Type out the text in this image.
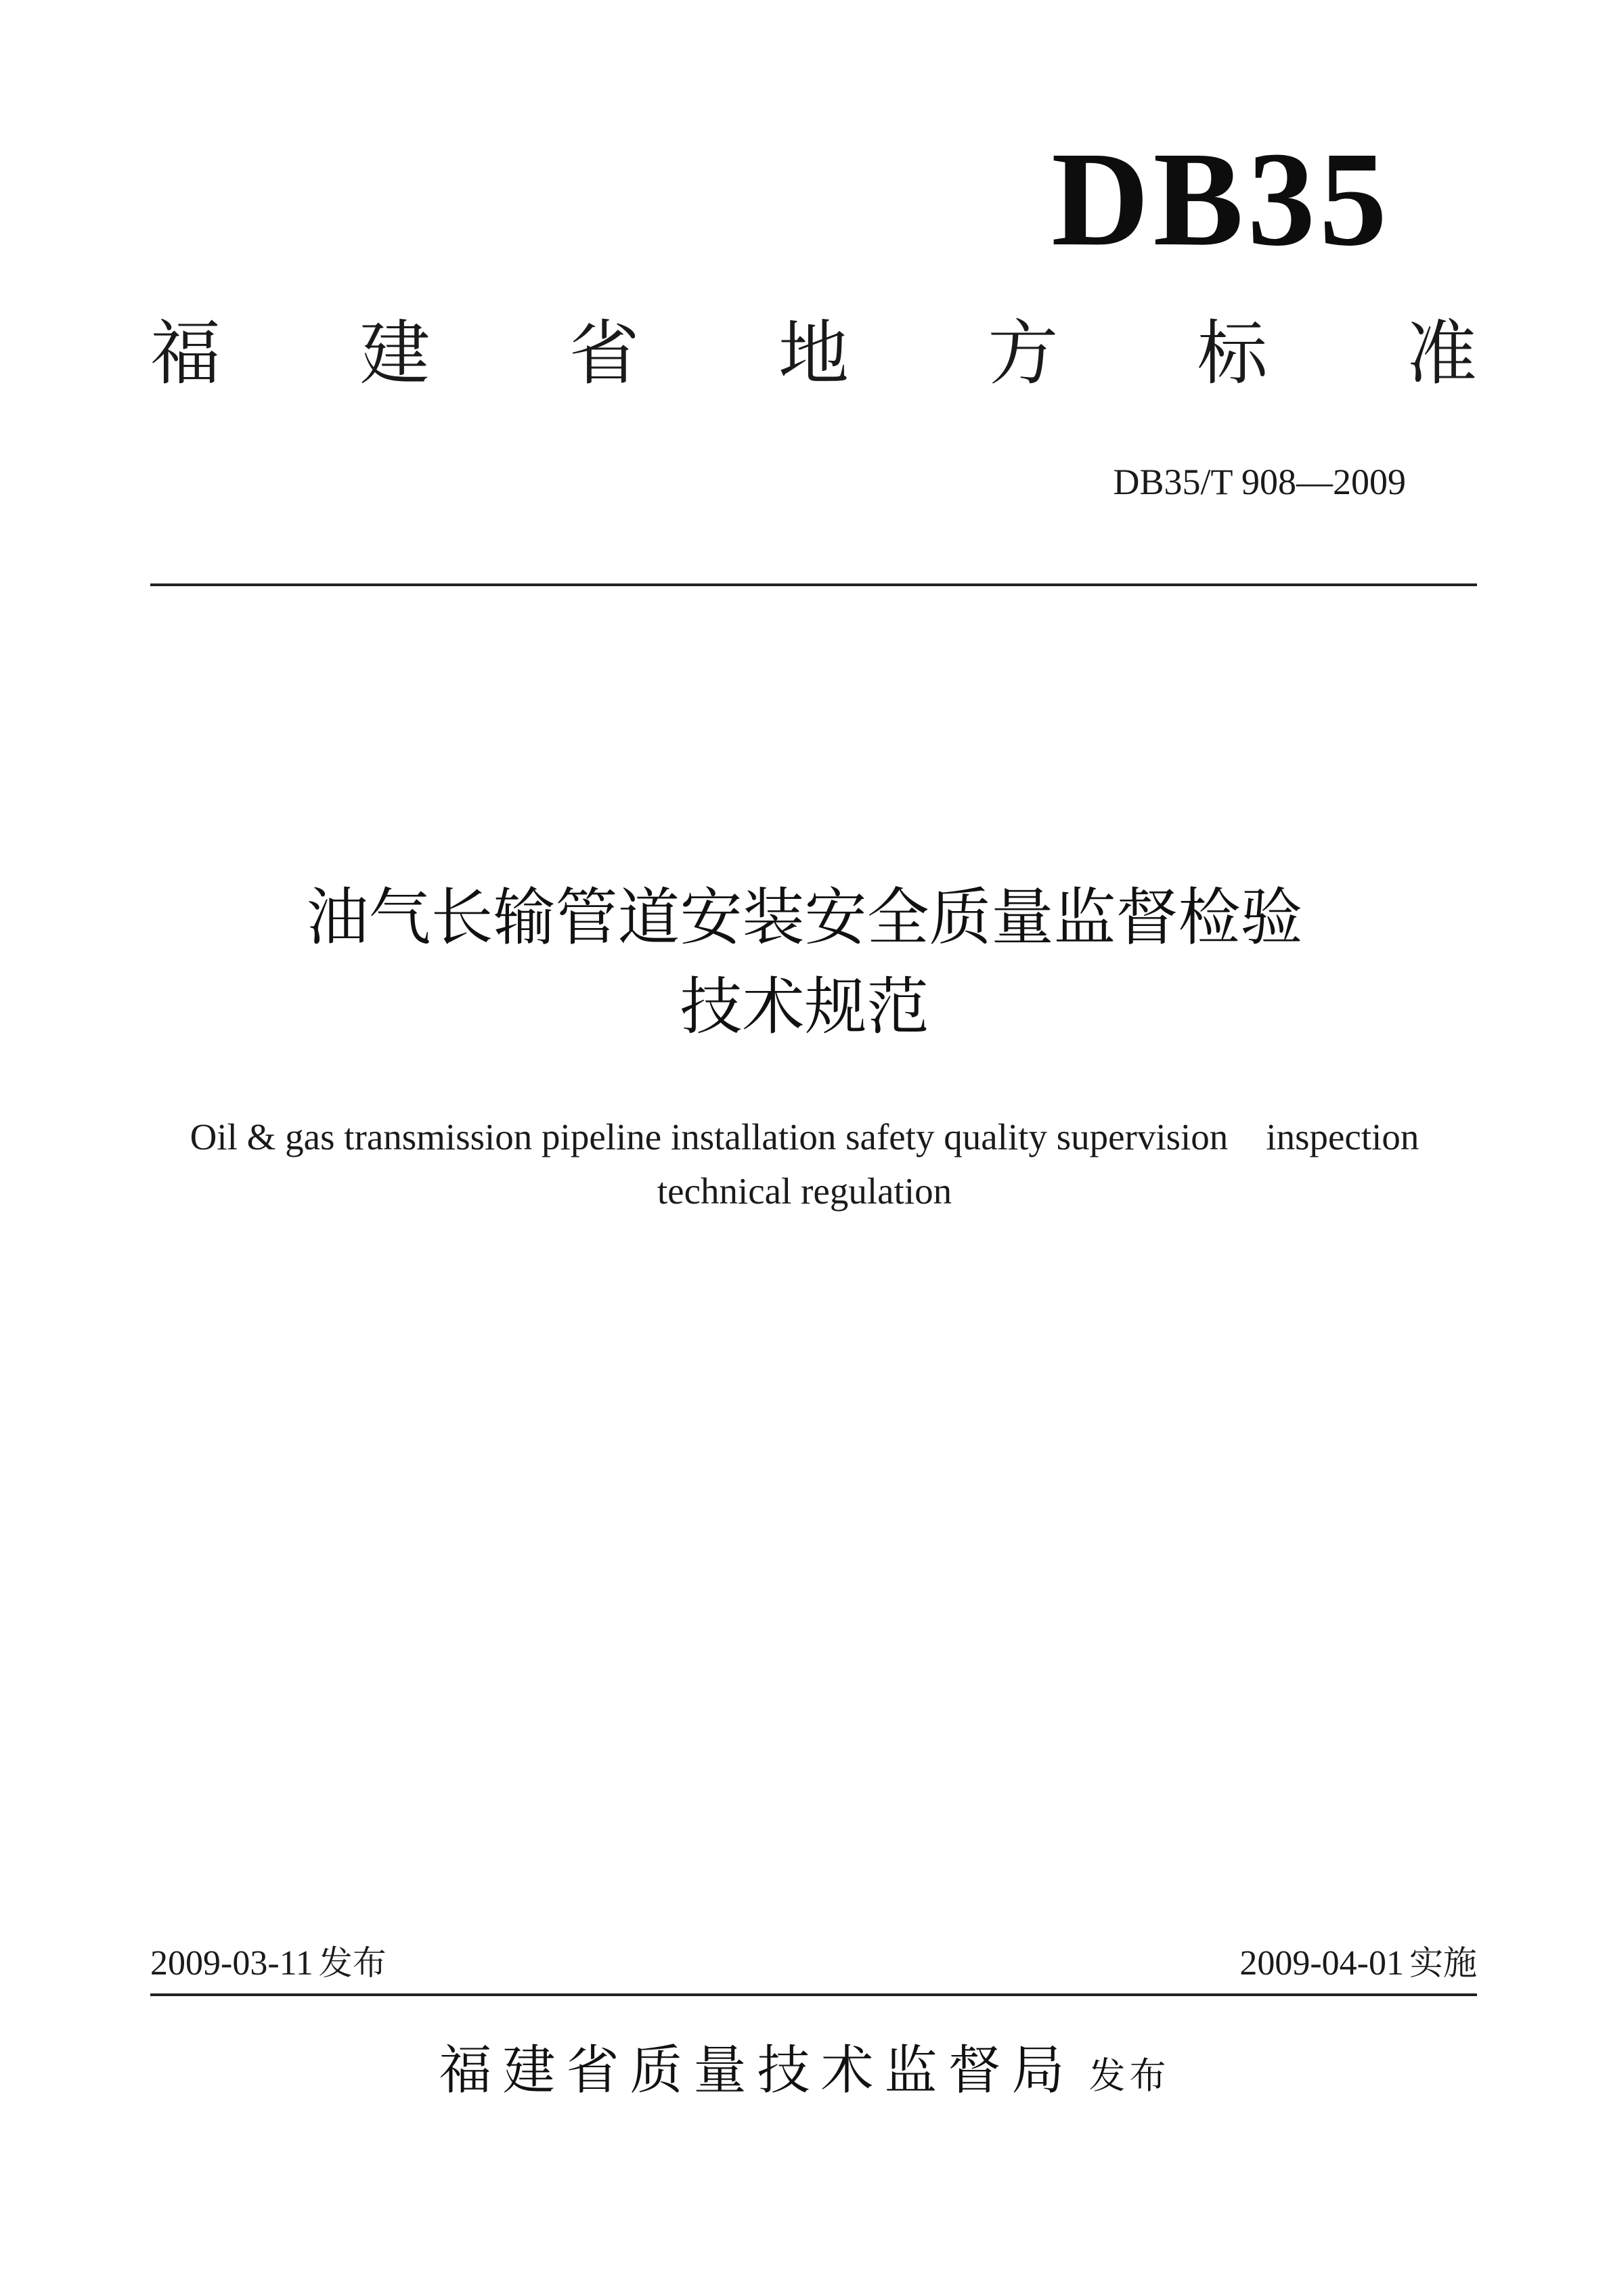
DB35
福 建 省 地 方 标 准
DB35/T 908—2009
油气长输管道安装安全质量监督检验
技术规范
Oil & gas transmission pipeline installation safety quality supervision inspection
technical regulation
2009-03-11 发布	2009-04-01 实施
福建省质量技术监督局 发布
